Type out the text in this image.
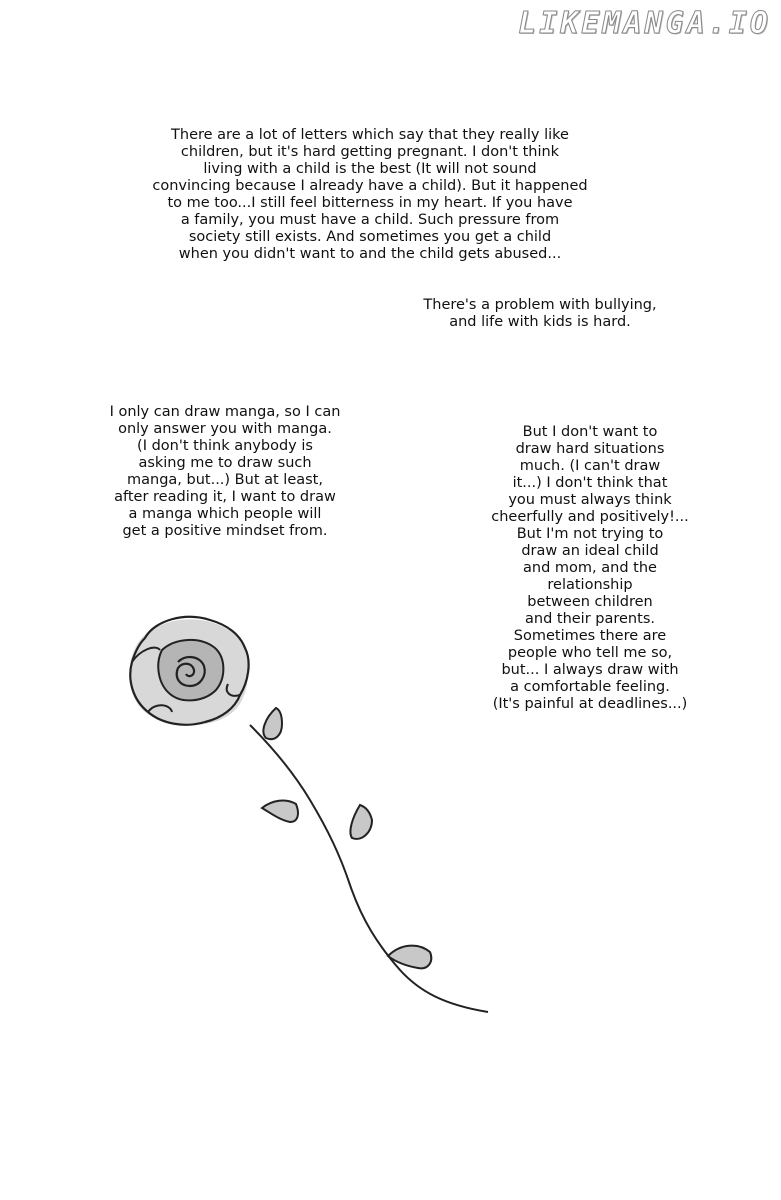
LIKEMANGA.IO
There are a lot of letters which say that they really like
children, but it's hard getting pregnant. I don't think
living with a child is the best (It will not sound
convincing because I already have a child). But it happened
to me too...I still feel bitterness in my heart. If you have
a family, you must have a child. Such pressure from
society still exists. And sometimes you get a child
when you didn't want to and the child gets abused...
There's a problem with bullying,
and life with kids is hard.
I only can draw manga, so I can
only answer you with manga.
(I don't think anybody is
asking me to draw such
manga, but...) But at least,
after reading it, I want to draw
a manga which people will
get a positive mindset from.
But I don't want to
draw hard situations
much. (I can't draw
it...) I don't think that
you must always think
cheerfully and positively!...
But I'm not trying to
draw an ideal child
and mom, and the
relationship
between children
and their parents.
Sometimes there are
people who tell me so,
but... I always draw with
a comfortable feeling.
(It's painful at deadlines...)
